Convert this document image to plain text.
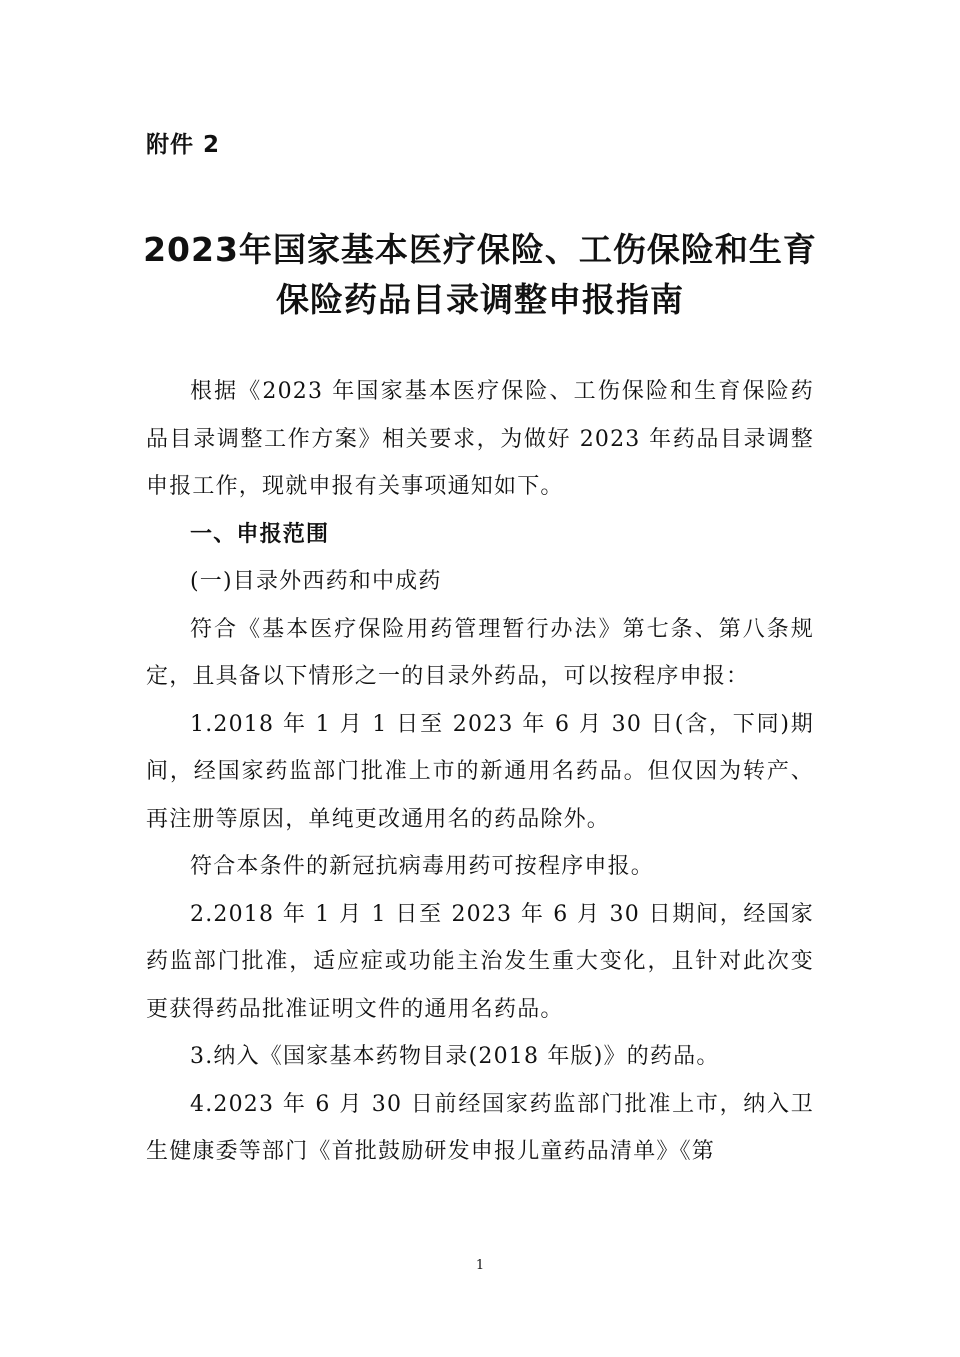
附件 2
2023年国家基本医疗保险、工伤保险和生育
保险药品目录调整申报指南

根据《2023 年国家基本医疗保险、工伤保险和生育保险药品目录调整工作方案》相关要求，为做好 2023 年药品目录调整申报工作，现就申报有关事项通知如下。

一、申报范围

(一)目录外西药和中成药

符合《基本医疗保险用药管理暂行办法》第七条、第八条规定，且具备以下情形之一的目录外药品，可以按程序申报：

1.2018 年 1 月 1 日至 2023 年 6 月 30 日(含，下同)期间，经国家药监部门批准上市的新通用名药品。但仅因为转产、再注册等原因，单纯更改通用名的药品除外。

符合本条件的新冠抗病毒用药可按程序申报。

2.2018 年 1 月 1 日至 2023 年 6 月 30 日期间，经国家药监部门批准，适应症或功能主治发生重大变化，且针对此次变更获得药品批准证明文件的通用名药品。

3.纳入《国家基本药物目录(2018 年版)》的药品。

4.2023 年 6 月 30 日前经国家药监部门批准上市，纳入卫生健康委等部门《首批鼓励研发申报儿童药品清单》《第

1
